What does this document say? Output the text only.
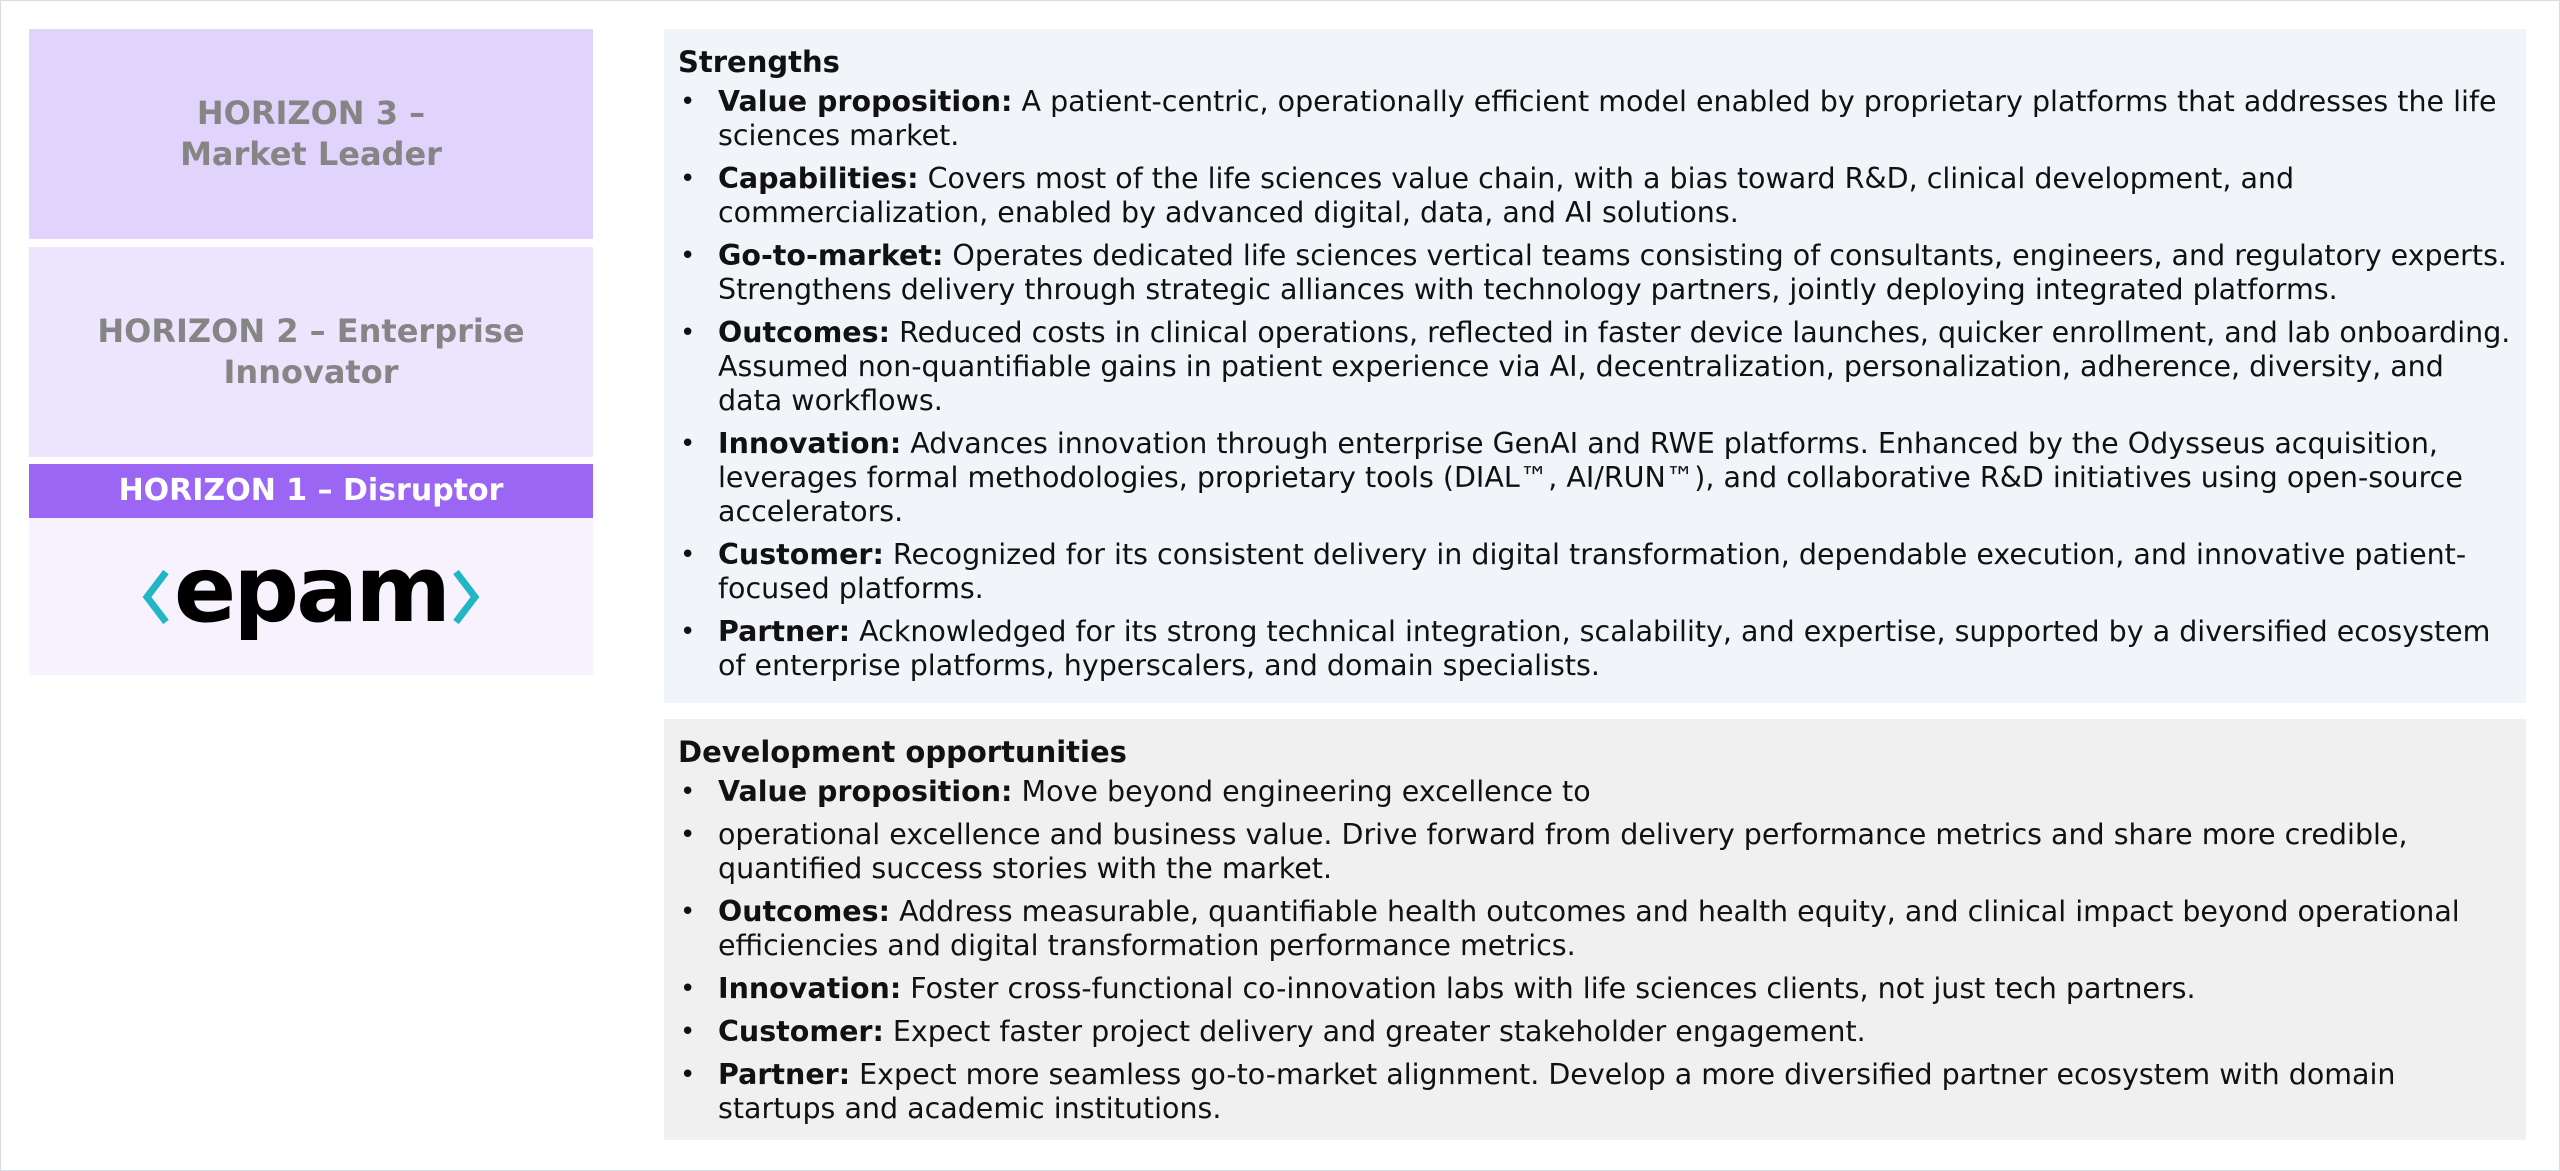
HORIZON 3 –
Market Leader
HORIZON 2 – Enterprise
Innovator
HORIZON 1 – Disruptor
epam
Strengths
• Value proposition: A patient-centric, operationally efficient model enabled by proprietary platforms that addresses the life sciences market.
• Capabilities: Covers most of the life sciences value chain, with a bias toward R&D, clinical development, and commercialization, enabled by advanced digital, data, and AI solutions.
• Go-to-market: Operates dedicated life sciences vertical teams consisting of consultants, engineers, and regulatory experts. Strengthens delivery through strategic alliances with technology partners, jointly deploying integrated platforms.
• Outcomes: Reduced costs in clinical operations, reflected in faster device launches, quicker enrollment, and lab onboarding. Assumed non-quantifiable gains in patient experience via AI, decentralization, personalization, adherence, diversity, and data workflows.
• Innovation: Advances innovation through enterprise GenAI and RWE platforms. Enhanced by the Odysseus acquisition, leverages formal methodologies, proprietary tools (DIAL™, AI/RUN™), and collaborative R&D initiatives using open-source accelerators.
• Customer: Recognized for its consistent delivery in digital transformation, dependable execution, and innovative patient-focused platforms.
• Partner: Acknowledged for its strong technical integration, scalability, and expertise, supported by a diversified ecosystem of enterprise platforms, hyperscalers, and domain specialists.
Development opportunities
• Value proposition: Move beyond engineering excellence to
• operational excellence and business value. Drive forward from delivery performance metrics and share more credible, quantified success stories with the market.
• Outcomes: Address measurable, quantifiable health outcomes and health equity, and clinical impact beyond operational efficiencies and digital transformation performance metrics.
• Innovation: Foster cross-functional co-innovation labs with life sciences clients, not just tech partners.
• Customer: Expect faster project delivery and greater stakeholder engagement.
• Partner: Expect more seamless go-to-market alignment. Develop a more diversified partner ecosystem with domain startups and academic institutions.
